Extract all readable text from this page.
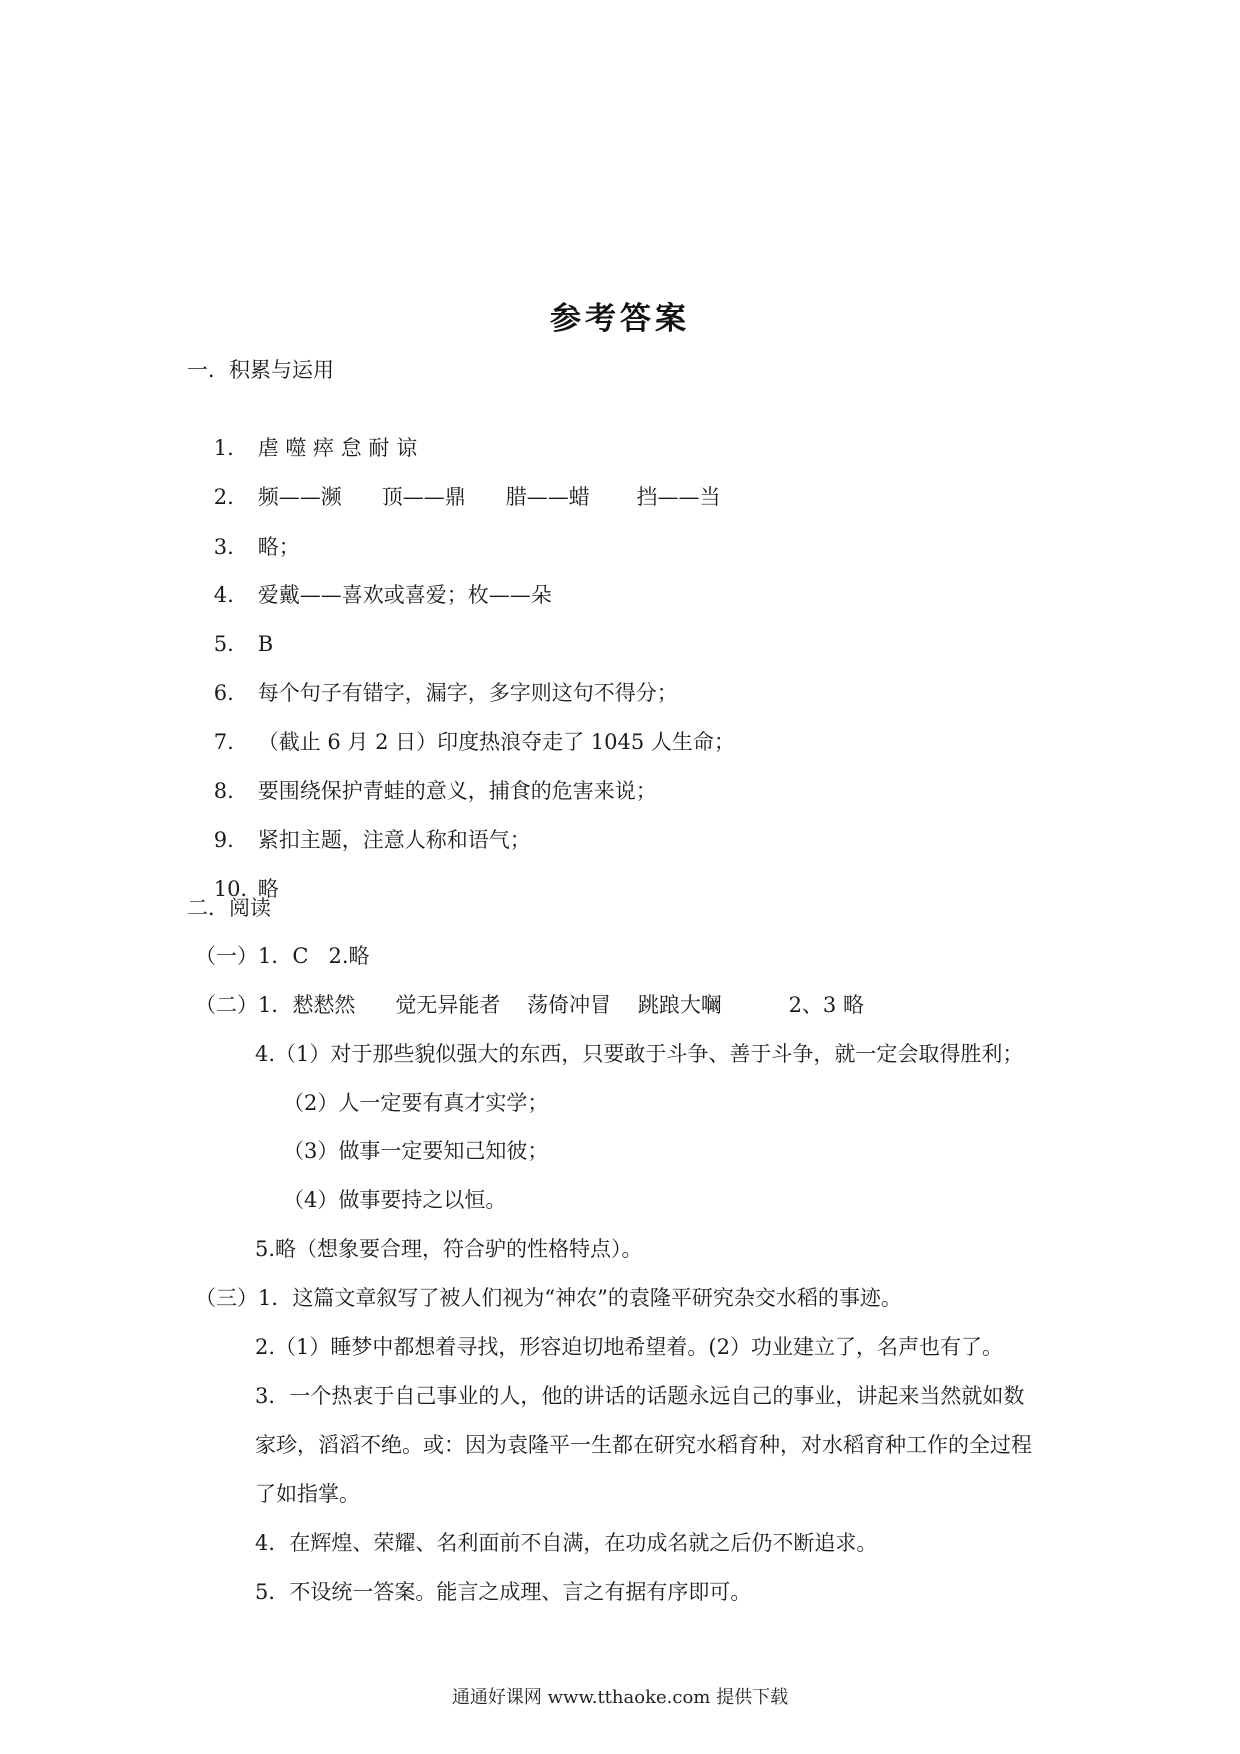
参考答案
一．积累与运用

1. 虐 噬 瘁 怠 耐 谅

2. 频——濒      顶——鼎      腊——蜡       挡——当

3. 略；

4. 爱戴——喜欢或喜爱；枚——朵

5. B

6. 每个句子有错字，漏字，多字则这句不得分；

7. （截止 6 月 2 日）印度热浪夺走了 1045 人生命；

8. 要围绕保护青蛙的意义，捕食的危害来说；

9. 紧扣主题，注意人称和语气；

10. 略

二．阅读
（一）1．C   2.略
（二）1．慭慭然      觉无异能者    荡倚冲冒    跳踉大㘎          2、3 略
4.（1）对于那些貌似强大的东西，只要敢于斗争、善于斗争，就一定会取得胜利；
（2）人一定要有真才实学；
（3）做事一定要知己知彼；
（4）做事要持之以恒。
5.略（想象要合理，符合驴的性格特点）。
（三）1．这篇文章叙写了被人们视为“神农”的袁隆平研究杂交水稻的事迹。
2.（1）睡梦中都想着寻找，形容迫切地希望着。(2）功业建立了，名声也有了。
3．一个热衷于自己事业的人，他的讲话的话题永远自己的事业，讲起来当然就如数
家珍，滔滔不绝。或：因为袁隆平一生都在研究水稻育种，对水稻育种工作的全过程
了如指掌。
4．在辉煌、荣耀、名利面前不自满，在功成名就之后仍不断追求。
5．不设统一答案。能言之成理、言之有据有序即可。
通通好课网 www.tthaoke.com 提供下载
